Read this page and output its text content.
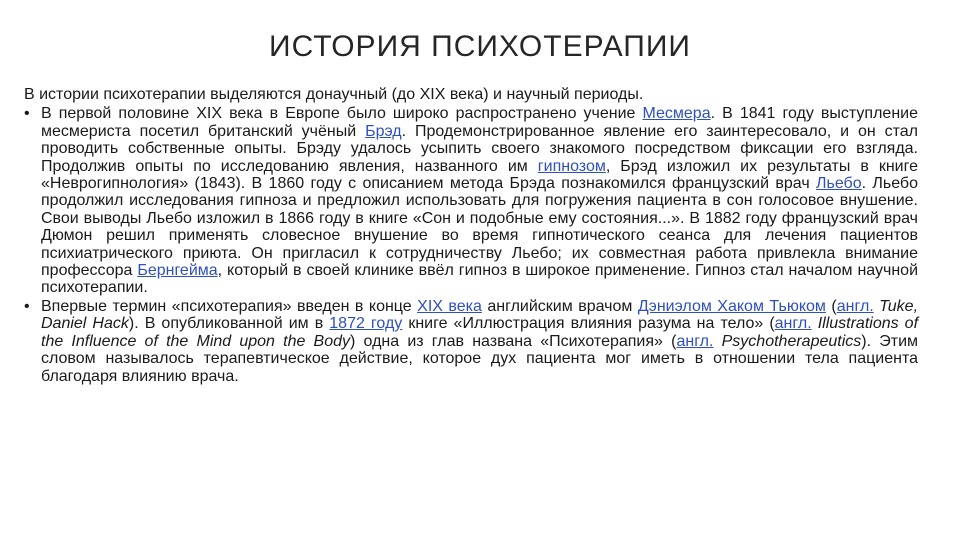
ИСТОРИЯ ПСИХОТЕРАПИИ

В истории психотерапии выделяются донаучный (до XIX века) и научный периоды.

• В первой половине XIX века в Европе было широко распространено учение Месмера. В 1841 году выступление месмериста посетил британский учёный Брэд. Продемонстрированное явление его заинтересовало, и он стал проводить собственные опыты. Брэду удалось усыпить своего знакомого посредством фиксации его взгляда. Продолжив опыты по исследованию явления, названного им гипнозом, Брэд изложил их результаты в книге «Неврогипнология» (1843). В 1860 году с описанием метода Брэда познакомился французский врач Льебо. Льебо продолжил исследования гипноза и предложил использовать для погружения пациента в сон голосовое внушение. Свои выводы Льебо изложил в 1866 году в книге «Сон и подобные ему состояния...». В 1882 году французский врач Дюмон решил применять словесное внушение во время гипнотического сеанса для лечения пациентов психиатрического приюта. Он пригласил к сотрудничеству Льебо; их совместная работа привлекла внимание профессора Бернгейма, который в своей клинике ввёл гипноз в широкое применение. Гипноз стал началом научной психотерапии.
• Впервые термин «психотерапия» введен в конце XIX века английским врачом Дэниэлом Хаком Тьюком (англ. Tuke, Daniel Hack). В опубликованной им в 1872 году книге «Иллюстрация влияния разума на тело» (англ. Illustrations of the Influence of the Mind upon the Body) одна из глав названа «Психотерапия» (англ. Psychotherapeutics). Этим словом называлось терапевтическое действие, которое дух пациента мог иметь в отношении тела пациента благодаря влиянию врача.
